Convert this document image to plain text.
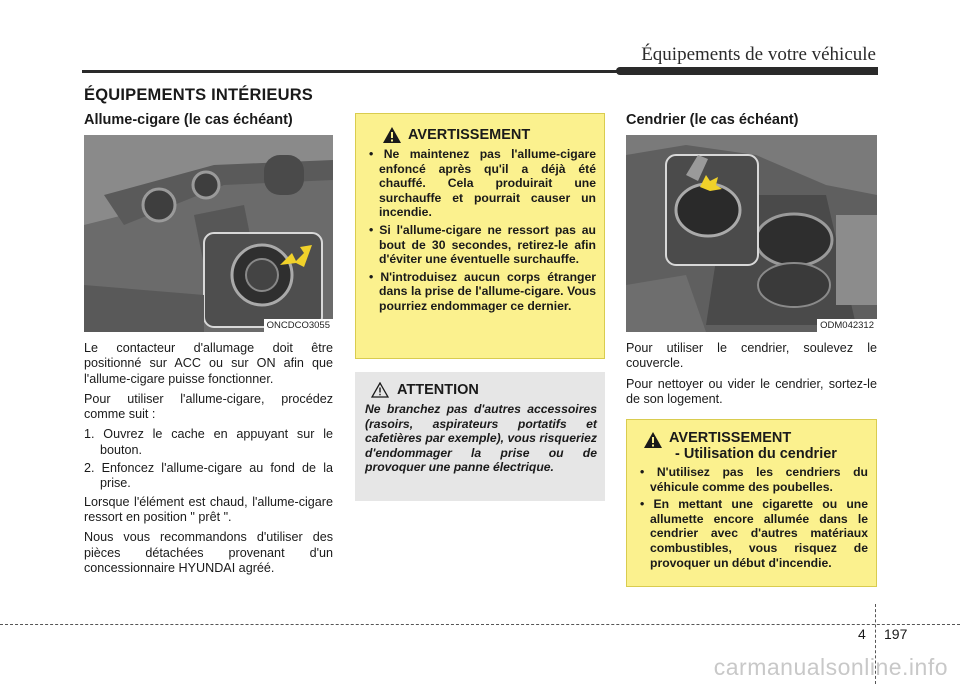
Équipements de votre véhicule
ÉQUIPEMENTS INTÉRIEURS
Allume-cigare (le cas échéant)
ONCDCO3055

Le contacteur d'allumage doit être positionné sur ACC ou sur ON afin que l'allume-cigare puisse fonctionner.

Pour utiliser l'allume-cigare, procédez comme suit :

1. Ouvrez le cache en appuyant sur le bouton.

2. Enfoncez l'allume-cigare au fond de la prise.

Lorsque l'élément est chaud, l'allume-cigare ressort en position " prêt ".

Nous vous recommandons d'utiliser des pièces détachées provenant d'un concessionnaire HYUNDAI agréé.

AVERTISSEMENT
• Ne maintenez pas l'allume-cigare enfoncé après qu'il a déjà été chauffé. Cela produirait une surchauffe et pourrait causer un incendie.
• Si l'allume-cigare ne ressort pas au bout de 30 secondes, retirez-le afin d'éviter une éventuelle surchauffe.
• N'introduisez aucun corps étranger dans la prise de l'allume-cigare. Vous pourriez endommager ce dernier.
ATTENTION
Ne branchez pas d'autres accessoires (rasoirs, aspirateurs portatifs et cafetières par exemple), vous risqueriez d'endommager la prise ou de provoquer une panne électrique.
Cendrier (le cas échéant)
ODM042312

Pour utiliser le cendrier, soulevez le couvercle.

Pour nettoyer ou vider le cendrier, sortez-le de son logement.

AVERTISSEMENT
- Utilisation du cendrier
• N'utilisez pas les cendriers du véhicule comme des poubelles.
• En mettant une cigarette ou une allumette encore allumée dans le cendrier avec d'autres matériaux combustibles, vous risquez de provoquer un début d'incendie.
4 197
carmanualsonline.info
